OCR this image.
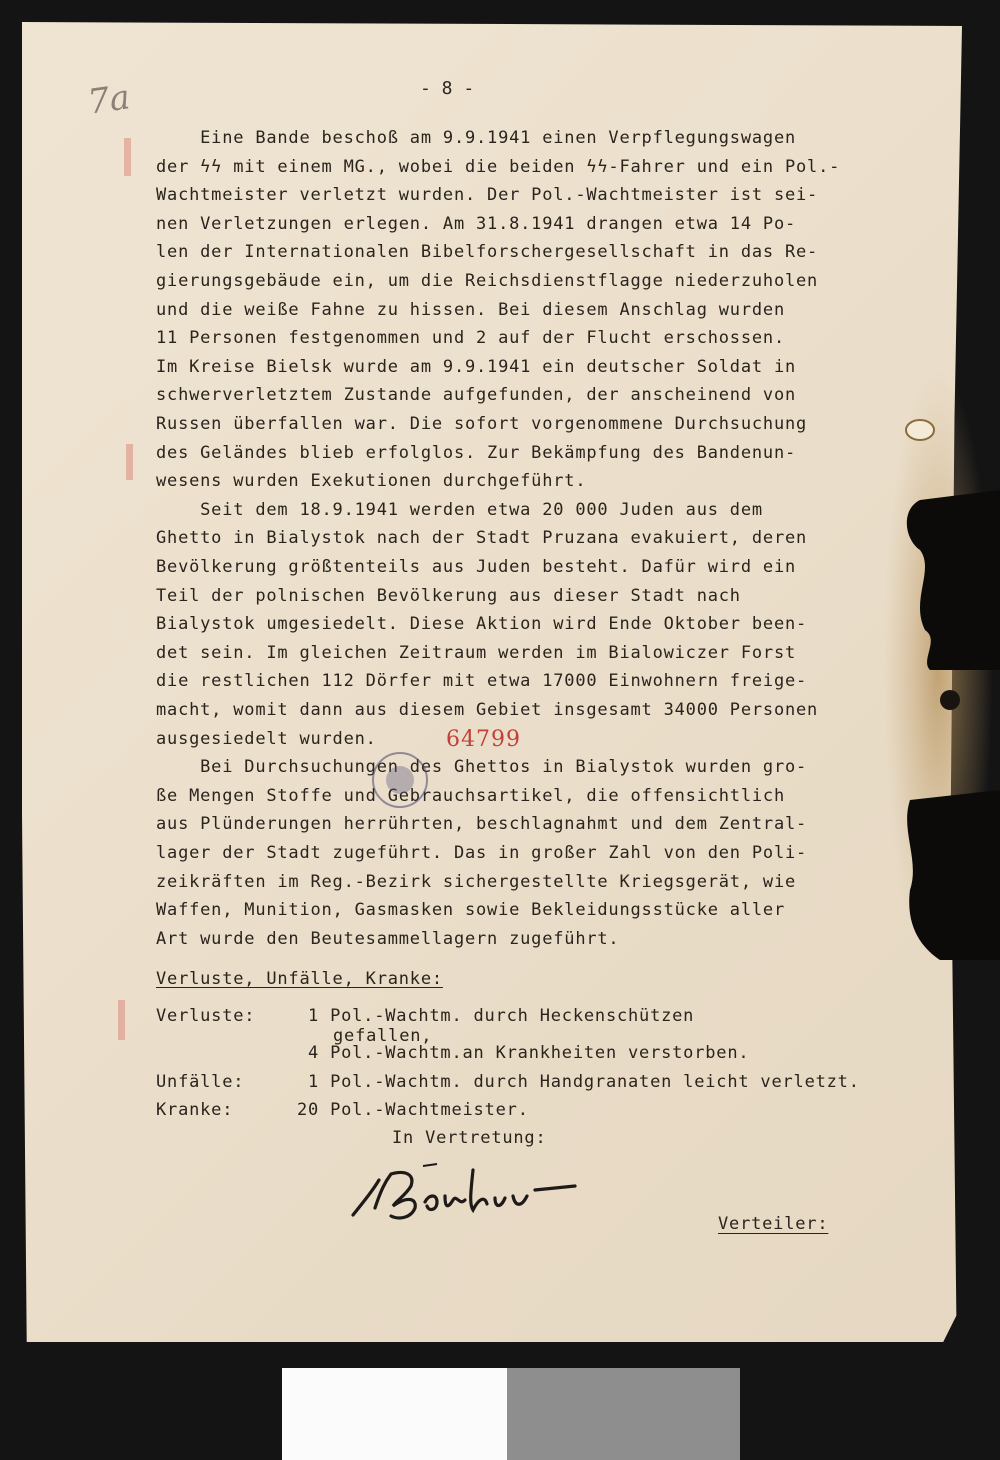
7a	- 8 -
Eine Bande beschoß am 9.9.1941 einen Verpflegungswagen
der ϟϟ mit einem MG., wobei die beiden ϟϟ-Fahrer und ein Pol.-
Wachtmeister verletzt wurden. Der Pol.-Wachtmeister ist sei-
nen Verletzungen erlegen. Am 31.8.1941 drangen etwa 14 Po-
len der Internationalen Bibelforschergesellschaft in das Re-
gierungsgebäude ein, um die Reichsdienstflagge niederzuholen
und die weiße Fahne zu hissen. Bei diesem Anschlag wurden
11 Personen festgenommen und 2 auf der Flucht erschossen.
Im Kreise Bielsk wurde am 9.9.1941 ein deutscher Soldat in
schwerverletztem Zustande aufgefunden, der anscheinend von
Russen überfallen war. Die sofort vorgenommene Durchsuchung
des Geländes blieb erfolglos. Zur Bekämpfung des Bandenun-
wesens wurden Exekutionen durchgeführt.
Seit dem 18.9.1941 werden etwa 20 000 Juden aus dem
Ghetto in Bialystok nach der Stadt Pruzana evakuiert, deren
Bevölkerung größtenteils aus Juden besteht. Dafür wird ein
Teil der polnischen Bevölkerung aus dieser Stadt nach
Bialystok umgesiedelt. Diese Aktion wird Ende Oktober been-
det sein. Im gleichen Zeitraum werden im Bialowiczer Forst
die restlichen 112 Dörfer mit etwa 17000 Einwohnern freige-
macht, womit dann aus diesem Gebiet insgesamt 34000 Personen
ausgesiedelt wurden.
Bei Durchsuchungen des Ghettos in Bialystok wurden gro-
ße Mengen Stoffe und Gebrauchsartikel, die offensichtlich
aus Plünderungen herrührten, beschlagnahmt und dem Zentral-
lager der Stadt zugeführt. Das in großer Zahl von den Poli-
zeikräften im Reg.-Bezirk sichergestellte Kriegsgerät, wie
Waffen, Munition, Gasmasken sowie Bekleidungsstücke aller
Art wurde den Beutesammellagern zugeführt.
64799
Verluste, Unfälle, Kranke:
Verluste:	1 Pol.-Wachtm. durch Heckenschützen
gefallen,
4 Pol.-Wachtm.an Krankheiten verstorben.
Unfälle:	1 Pol.-Wachtm. durch Handgranaten leicht verletzt.
Kranke:	20 Pol.-Wachtmeister.
In Vertretung:
Verteiler:
